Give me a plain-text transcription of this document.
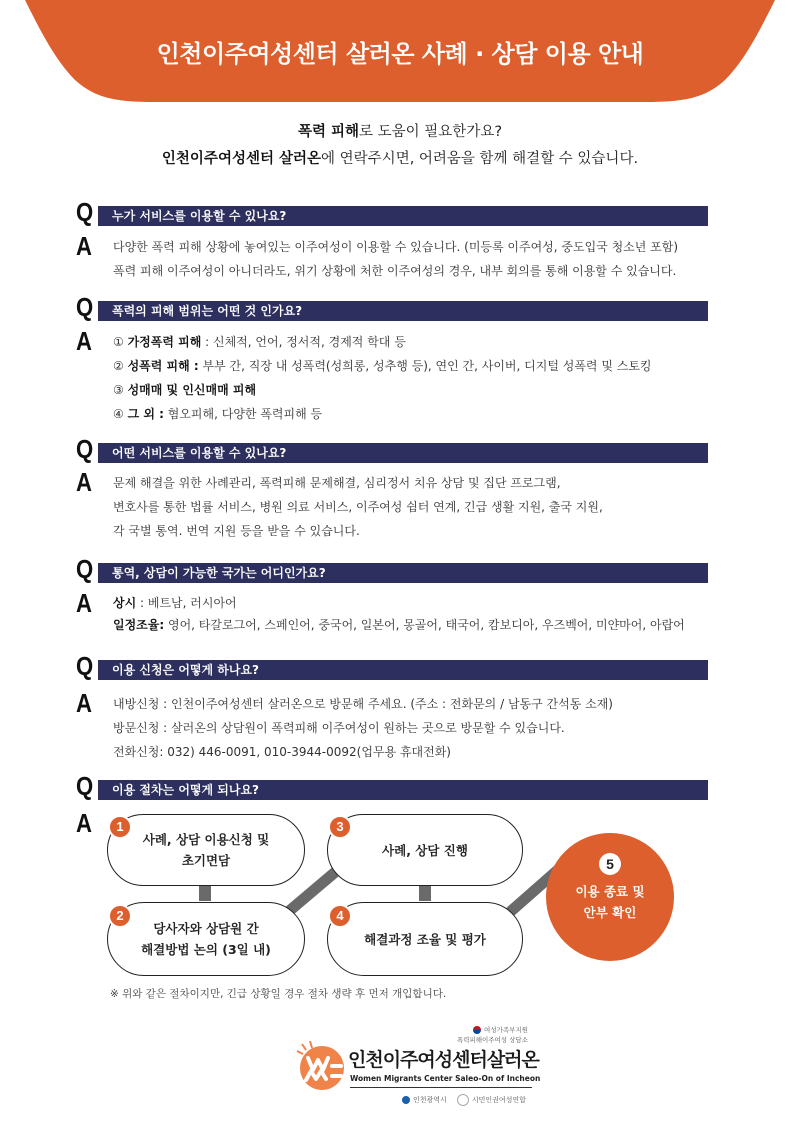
인천이주여성센터 살러온 사례 · 상담 이용 안내
폭력 피해로 도움이 필요한가요?
인천이주여성센터 살러온에 연락주시면, 어려움을 함께 해결할 수 있습니다.
Q	누가 서비스를 이용할 수 있나요?
A 다양한 폭력 피해 상황에 놓여있는 이주여성이 이용할 수 있습니다. (미등록 이주여성, 중도입국 청소년 포함)
폭력 피해 이주여성이 아니더라도, 위기 상황에 처한 이주여성의 경우, 내부 회의를 통해 이용할 수 있습니다.
Q	폭력의 피해 범위는 어떤 것 인가요?
A ① 가정폭력 피해 : 신체적, 언어, 정서적, 경제적 학대 등
② 성폭력 피해 : 부부 간, 직장 내 성폭력(성희롱, 성추행 등), 연인 간, 사이버, 디지털 성폭력 및 스토킹
③ 성매매 및 인신매매 피해
④ 그 외 : 혐오피해, 다양한 폭력피해 등
Q	어떤 서비스를 이용할 수 있나요?
A 문제 해결을 위한 사례관리, 폭력피해 문제해결, 심리정서 치유 상담 및 집단 프로그램,
변호사를 통한 법률 서비스, 병원 의료 서비스, 이주여성 쉼터 연계, 긴급 생활 지원, 출국 지원,
각 국별 통역. 번역 지원 등을 받을 수 있습니다.
Q	통역, 상담이 가능한 국가는 어디인가요?
A 상시 : 베트남, 러시아어
일정조율: 영어, 타갈로그어, 스페인어, 중국어, 일본어, 몽골어, 태국어, 캄보디아, 우즈벡어, 미얀마어, 아랍어
Q	이용 신청은 어떻게 하나요?
A 내방신청 : 인천이주여성센터 살러온으로 방문해 주세요. (주소 : 전화문의 / 남동구 간석동 소재)
방문신청 : 살러온의 상담원이 폭력피해 이주여성이 원하는 곳으로 방문할 수 있습니다.
전화신청: 032) 446-0091, 010-3944-0092(업무용 휴대전화)
Q	이용 절차는 어떻게 되나요?
A
사례, 상담 이용신청 및
초기면담
1
당사자와 상담원 간
해결방법 논의 (3일 내)
2
사례, 상담 진행
3
해결과정 조율 및 평가
4
5
이용 종료 및
안부 확인
※ 위와 같은 절차이지만, 긴급 상황일 경우 절차 생략 후 먼저 개입합니다.
여성가족부지원
폭력피해이주여성 상담소
인천이주여성센터살러온
Women Migrants Center Saleo-On of Incheon
인천광역시	시민인권여성연합
